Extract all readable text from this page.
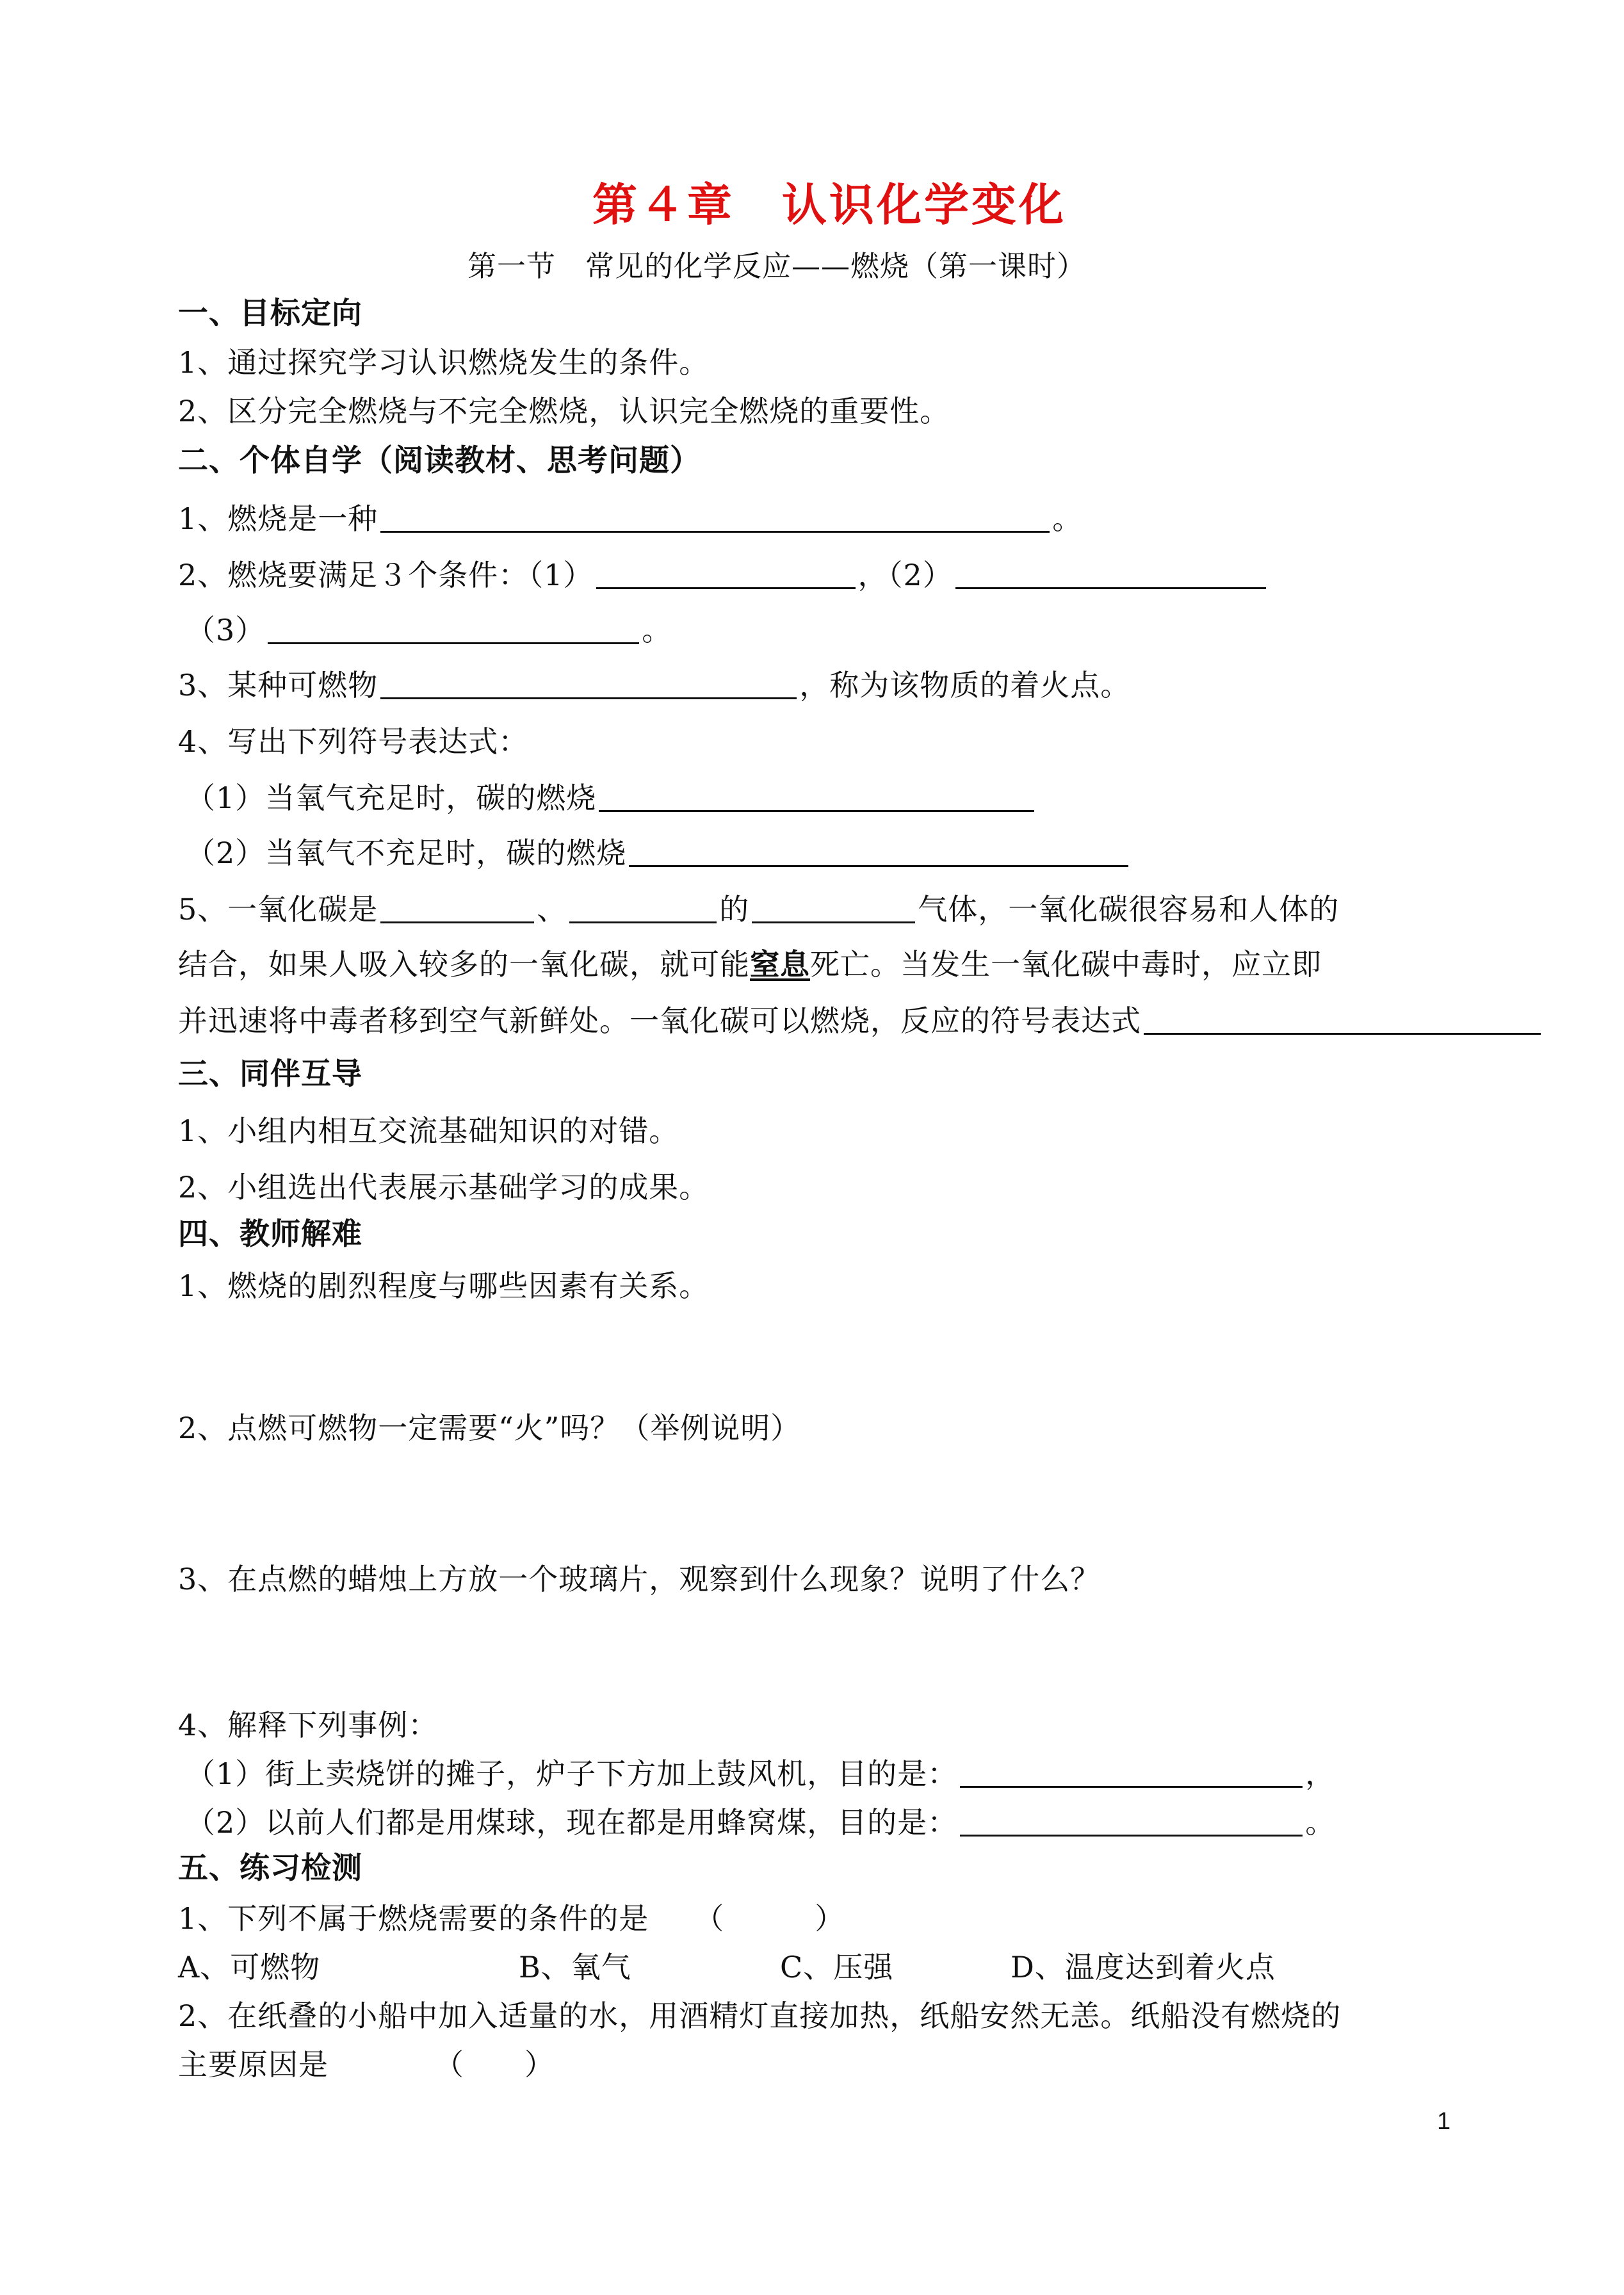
第４章　认识化学变化
第一节　常见的化学反应——燃烧（第一课时）
一、目标定向
1、通过探究学习认识燃烧发生的条件。
2、区分完全燃烧与不完全燃烧，认识完全燃烧的重要性。
二、个体自学（阅读教材、思考问题）
1、燃烧是一种	。
2、燃烧要满足３个条件：（1）	，（2）
（3）	。
3、某种可燃物	，称为该物质的着火点。
4、写出下列符号表达式：
（1）当氧气充足时，碳的燃烧
（2）当氧气不充足时，碳的燃烧
5、一氧化碳是	、	的	气体，一氧化碳很容易和人体的
结合，如果人吸入较多的一氧化碳，就可能窒息死亡。当发生一氧化碳中毒时，应立即
并迅速将中毒者移到空气新鲜处。一氧化碳可以燃烧，反应的符号表达式
三、同伴互导
1、小组内相互交流基础知识的对错。
2、小组选出代表展示基础学习的成果。
四、教师解难
1、燃烧的剧烈程度与哪些因素有关系。
2、点燃可燃物一定需要“火”吗？（举例说明）
3、在点燃的蜡烛上方放一个玻璃片，观察到什么现象？说明了什么？
4、解释下列事例：
（1）街上卖烧饼的摊子，炉子下方加上鼓风机，目的是：	，
（2）以前人们都是用煤球，现在都是用蜂窝煤，目的是：	。
五、练习检测
1、下列不属于燃烧需要的条件的是　　（　　　）
A、可燃物	B、氧气	C、压强	D、温度达到着火点
2、在纸叠的小船中加入适量的水，用酒精灯直接加热，纸船安然无恙。纸船没有燃烧的
主要原因是　　　　（　　）
1
